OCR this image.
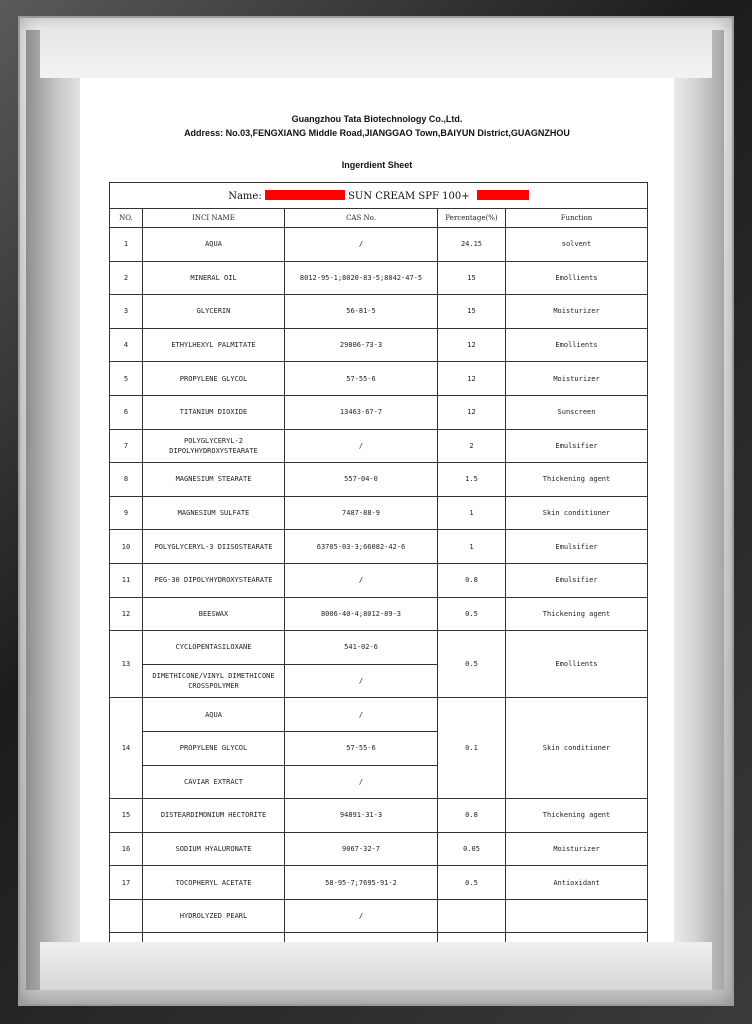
Guangzhou Tata Biotechnology Co.,Ltd.
Address: No.03,FENGXIANG Middle Road,JIANGGAO Town,BAIYUN District,GUAGNZHOU
Ingerdient Sheet
Name: SUN CREAM SPF 100+				
NO.	INCI NAME	CAS No.	Percentage(%)	Function
1	AQUA	/	24.15	solvent
2	MINERAL OIL	8012-95-1;8020-83-5;8042-47-5	15	Emollients
3	GLYCERIN	56-81-5	15	Moisturizer
4	ETHYLHEXYL PALMITATE	29806-73-3	12	Emollients
5	PROPYLENE GLYCOL	57-55-6	12	Moisturizer
6	TITANIUM DIOXIDE	13463-67-7	12	Sunscreen
7	POLYGLYCERYL-2 DIPOLYHYDROXYSTEARATE	/	2	Emulsifier
8	MAGNESIUM STEARATE	557-04-0	1.5	Thickening agent
9	MAGNESIUM SULFATE	7487-88-9	1	Skin conditioner
10	POLYGLYCERYL-3 DIISOSTEARATE	63705-03-3;66082-42-6	1	Emulsifier
11	PEG-30 DIPOLYHYDROXYSTEARATE	/	0.8	Emulsifier
12	BEESWAX	8006-40-4;8012-89-3	0.5	Thickening agent
13	CYCLOPENTASILOXANE	541-02-6	0.5	Emollients
	DIMETHICONE/VINYL DIMETHICONE CROSSPOLYMER	/		
14	AQUA	/	0.1	Skin conditioner
	PROPYLENE GLYCOL	57-55-6		
	CAVIAR EXTRACT	/		
15	DISTEARDIMONIUM HECTORITE	94891-31-3	0.8	Thickening agent
16	SODIUM HYALURONATE	9067-32-7	0.05	Moisturizer
17	TOCOPHERYL ACETATE	58-95-7;7695-91-2	0.5	Antioxidant
	HYDROLYZED PEARL	/		
